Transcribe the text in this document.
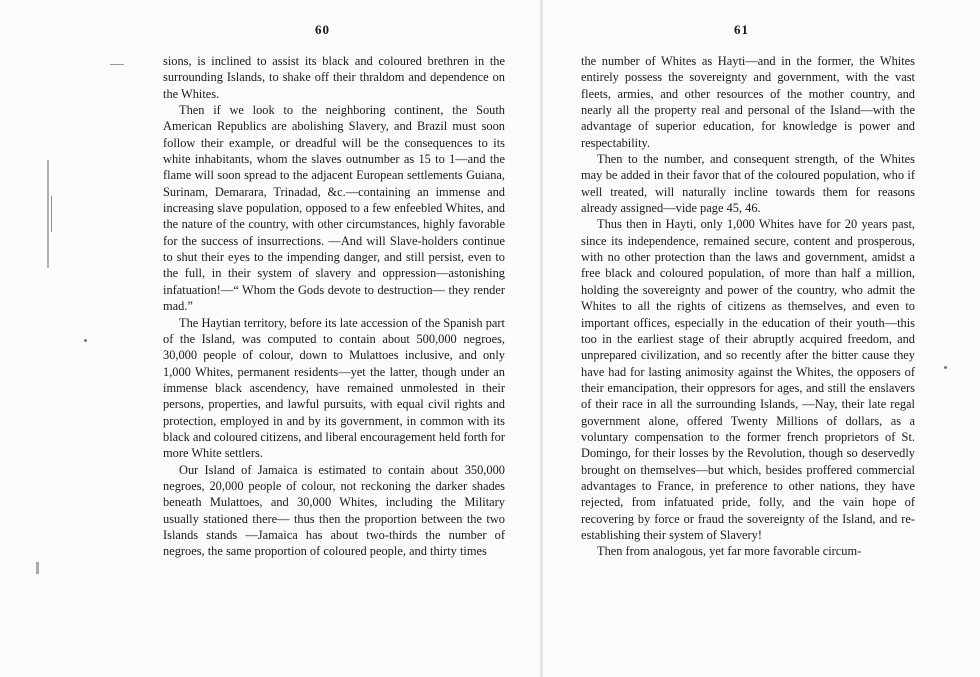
60

sions, is inclined to assist its black and coloured brethren in the surrounding Islands, to shake off their thraldom and dependence on the Whites.

Then if we look to the neighboring continent, the South American Republics are abolishing Slavery, and Brazil must soon follow their example, or dreadful will be the consequences to its white inhabitants, whom the slaves outnumber as 15 to 1—and the flame will soon spread to the adjacent European settlements Guiana, Surinam, Demarara, Trinadad, &c.—containing an immense and increasing slave population, opposed to a few enfeebled Whites, and the nature of the country, with other circumstances, highly favorable for the success of insurrections. —And will Slave-holders continue to shut their eyes to the impending danger, and still persist, even to the full, in their system of slavery and oppression—astonishing infatuation!—“ Whom the Gods devote to destruction— they render mad.”

The Haytian territory, before its late accession of the Spanish part of the Island, was computed to contain about 500,000 negroes, 30,000 people of colour, down to Mulattoes inclusive, and only 1,000 Whites, permanent residents—yet the latter, though under an immense black ascendency, have remained unmolested in their persons, properties, and lawful pursuits, with equal civil rights and protection, employed in and by its government, in common with its black and coloured citizens, and liberal encouragement held forth for more White settlers.

Our Island of Jamaica is estimated to contain about 350,000 negroes, 20,000 people of colour, not reckoning the darker shades beneath Mulattoes, and 30,000 Whites, including the Military usually stationed there— thus then the proportion between the two Islands stands —Jamaica has about two-thirds the number of negroes, the same proportion of coloured people, and thirty times

61

the number of Whites as Hayti—and in the former, the Whites entirely possess the sovereignty and government, with the vast fleets, armies, and other resources of the mother country, and nearly all the property real and personal of the Island—with the advantage of superior education, for knowledge is power and respectability.

Then to the number, and consequent strength, of the Whites may be added in their favor that of the coloured population, who if well treated, will naturally incline towards them for reasons already assigned—vide page 45, 46.

Thus then in Hayti, only 1,000 Whites have for 20 years past, since its independence, remained secure, content and prosperous, with no other protection than the laws and government, amidst a free black and coloured population, of more than half a million, holding the sovereignty and power of the country, who admit the Whites to all the rights of citizens as themselves, and even to important offices, especially in the education of their youth—this too in the earliest stage of their abruptly acquired freedom, and unprepared civilization, and so recently after the bitter cause they have had for lasting animosity against the Whites, the opposers of their emancipation, their oppresors for ages, and still the enslavers of their race in all the surrounding Islands, —Nay, their late regal government alone, offered Twenty Millions of dollars, as a voluntary compensation to the former french proprietors of St. Domingo, for their losses by the Revolution, though so deservedly brought on themselves—but which, besides proffered commercial advantages to France, in preference to other nations, they have rejected, from infatuated pride, folly, and the vain hope of recovering by force or fraud the sovereignty of the Island, and re-establishing their system of Slavery!

Then from analogous, yet far more favorable circum-
